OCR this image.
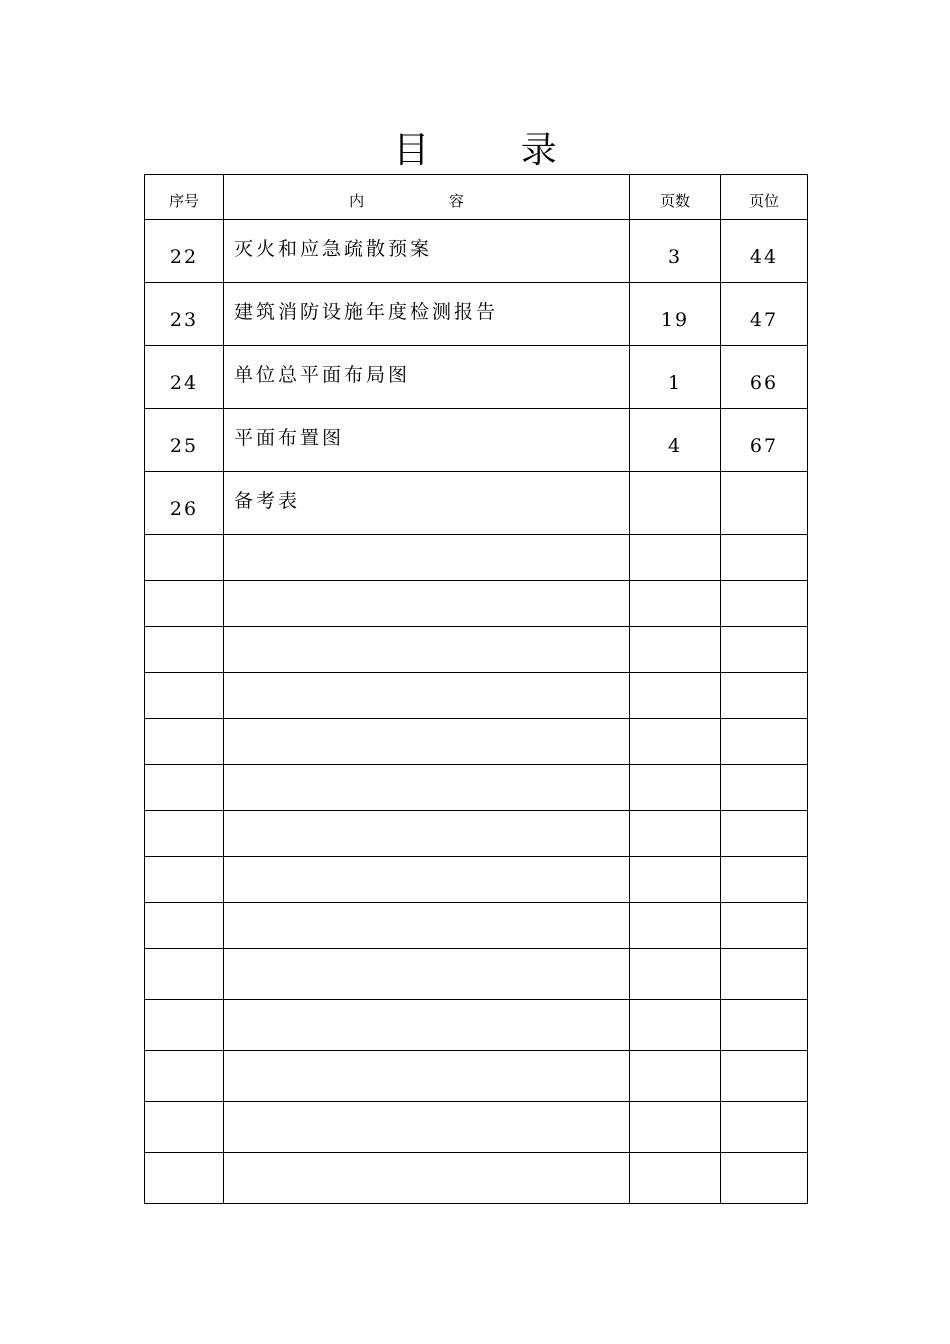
目 录
序号	内 容	页数	页位
22	灭火和应急疏散预案	3	44
23	建筑消防设施年度检测报告	19	47
24	单位总平面布局图	1	66
25	平面布置图	4	67
26	备考表		
